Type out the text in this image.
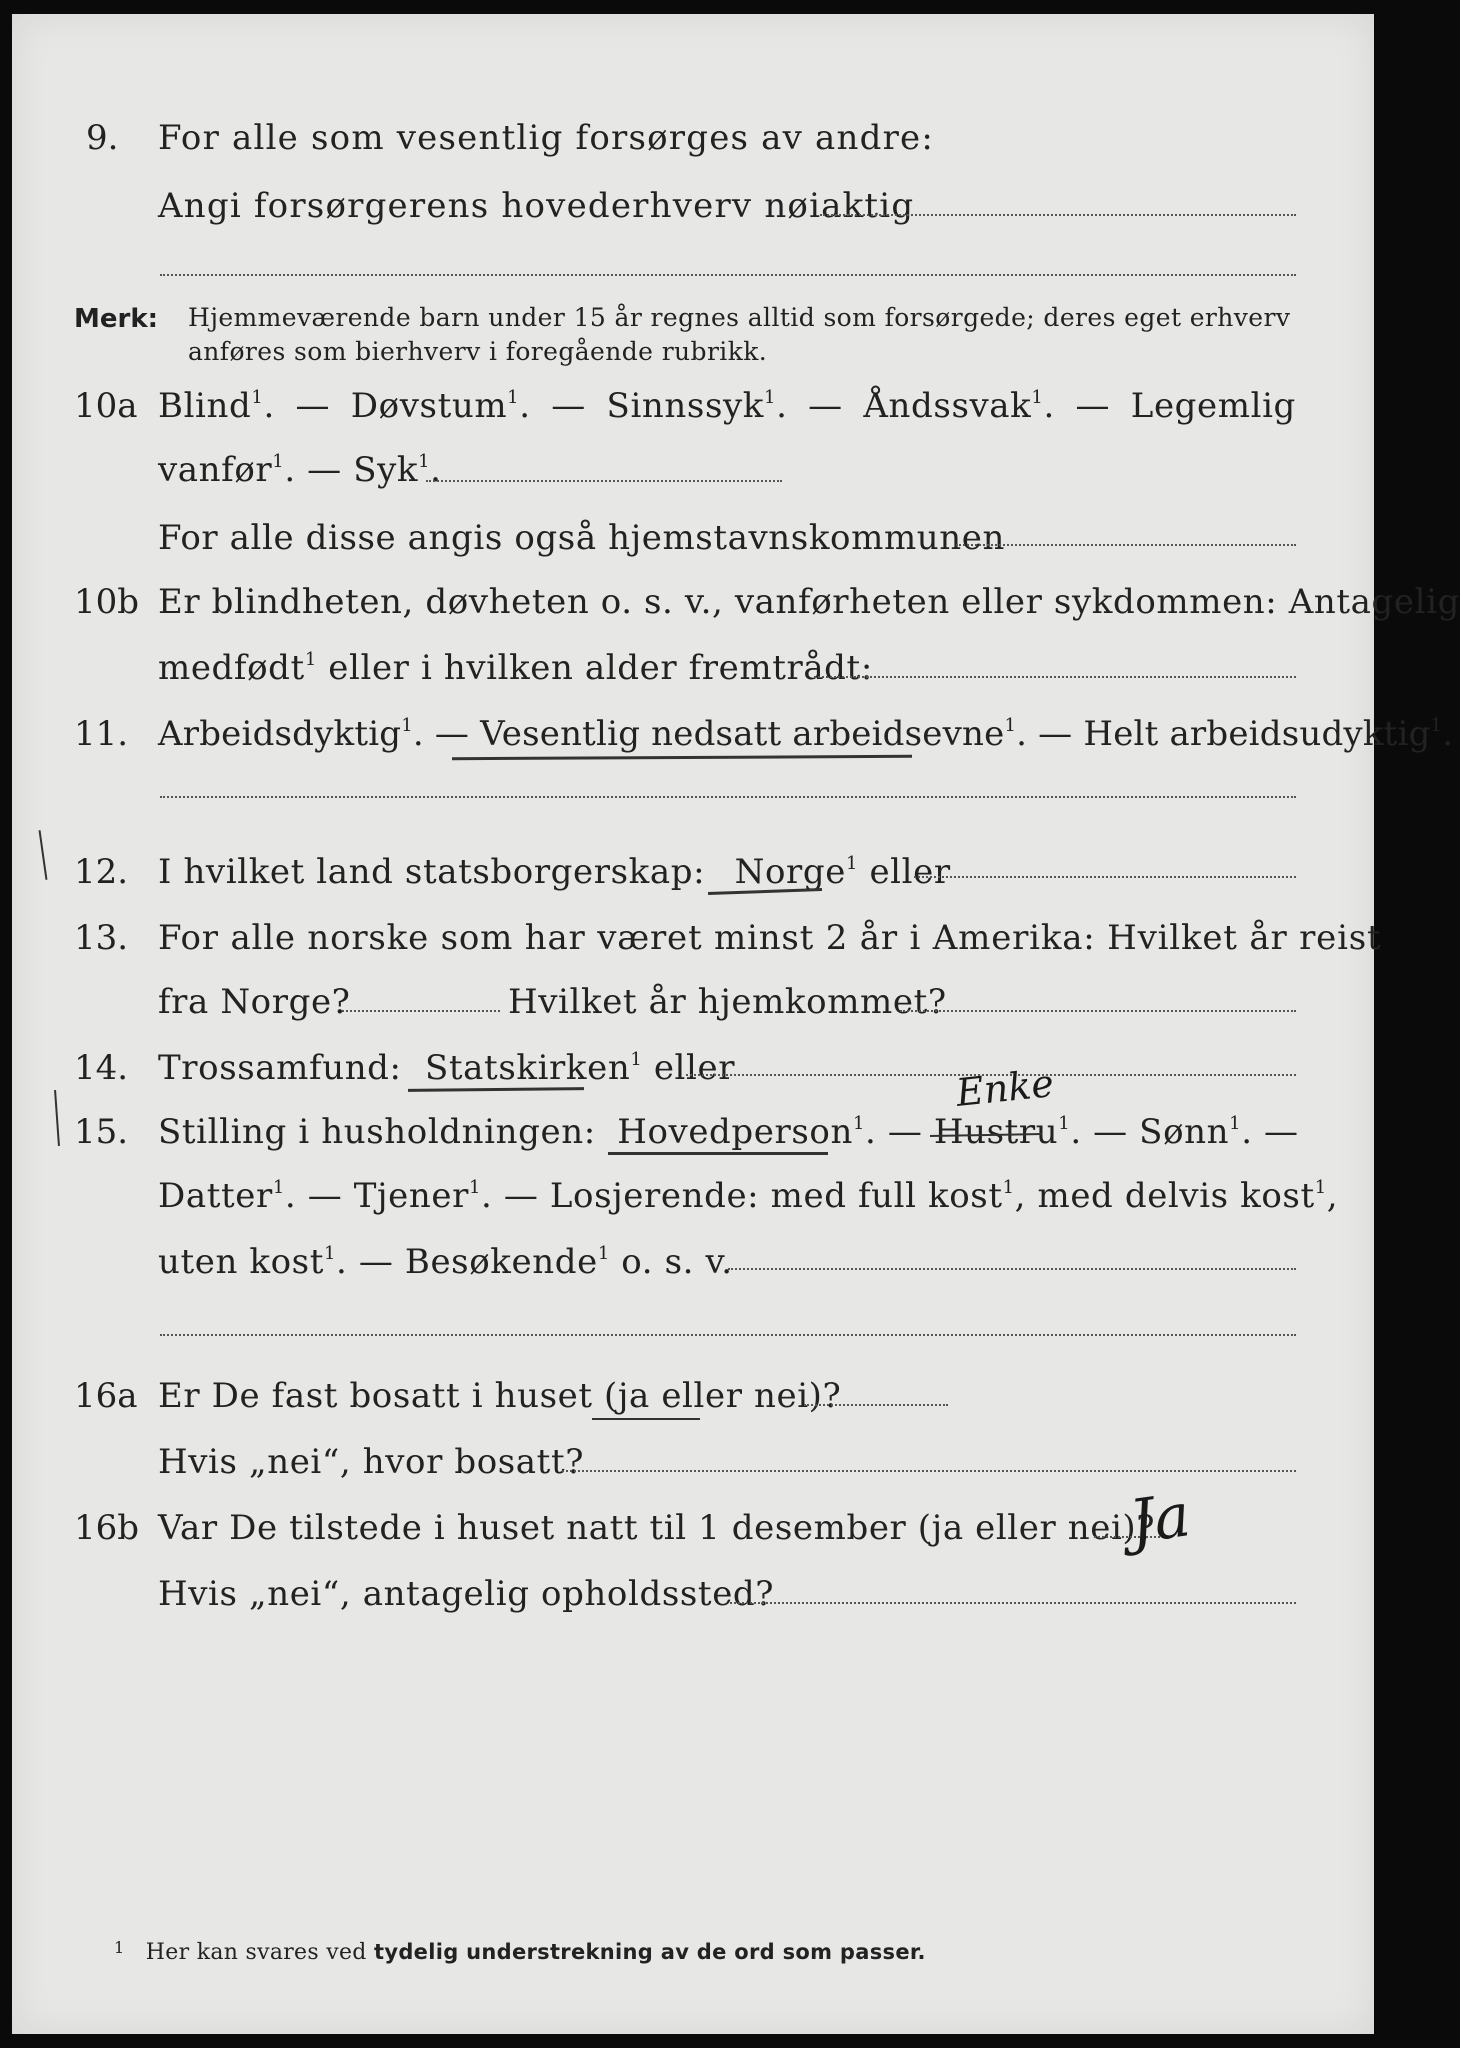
9. For alle som vesentlig forsørges av andre:
Angi forsørgerens hovederhverv nøiaktig
Merk: Hjemmeværende barn under 15 år regnes alltid som forsørgede; deres eget erhverv
anføres som bierhverv i foregående rubrikk.
10a Blind$^1$. — Døvstum$^1$. — Sinnssyk$^1$. — Åndssvak$^1$. — Legemlig
vanfør$^1$. — Syk$^1$.
For alle disse angis også hjemstavnskommunen
10b Er blindheten, døvheten o. s. v., vanførheten eller sykdommen: Antagelig
medfødt$^1$ eller i hvilken alder fremtrådt:
11. Arbeidsdyktig$^1$. — Vesentlig nedsatt arbeidsevne$^1$. — Helt arbeidsudyktig$^1$.
12. I hvilket land statsborgerskap: Norge$^1$ eller
13. For alle norske som har været minst 2 år i Amerika: Hvilket år reist
fra Norge?	Hvilket år hjemkommet?
14. Trossamfund: Statskirken$^1$ eller	Enke
15. Stilling i husholdningen: Hovedperson$^1$. — Hustru$^1$. — Sønn$^1$. —
Datter$^1$. — Tjener$^1$. — Losjerende: med full kost$^1$, med delvis kost$^1$,
uten kost$^1$. — Besøkende$^1$ o. s. v.
16a Er De fast bosatt i huset (ja eller nei)?
Hvis „nei“, hvor bosatt?
16b Var De tilstede i huset natt til 1 desember (ja eller nei)?
Ja
Hvis „nei“, antagelig opholdssted?
$^1$ Her kan svares ved tydelig understrekning av de ord som passer.
